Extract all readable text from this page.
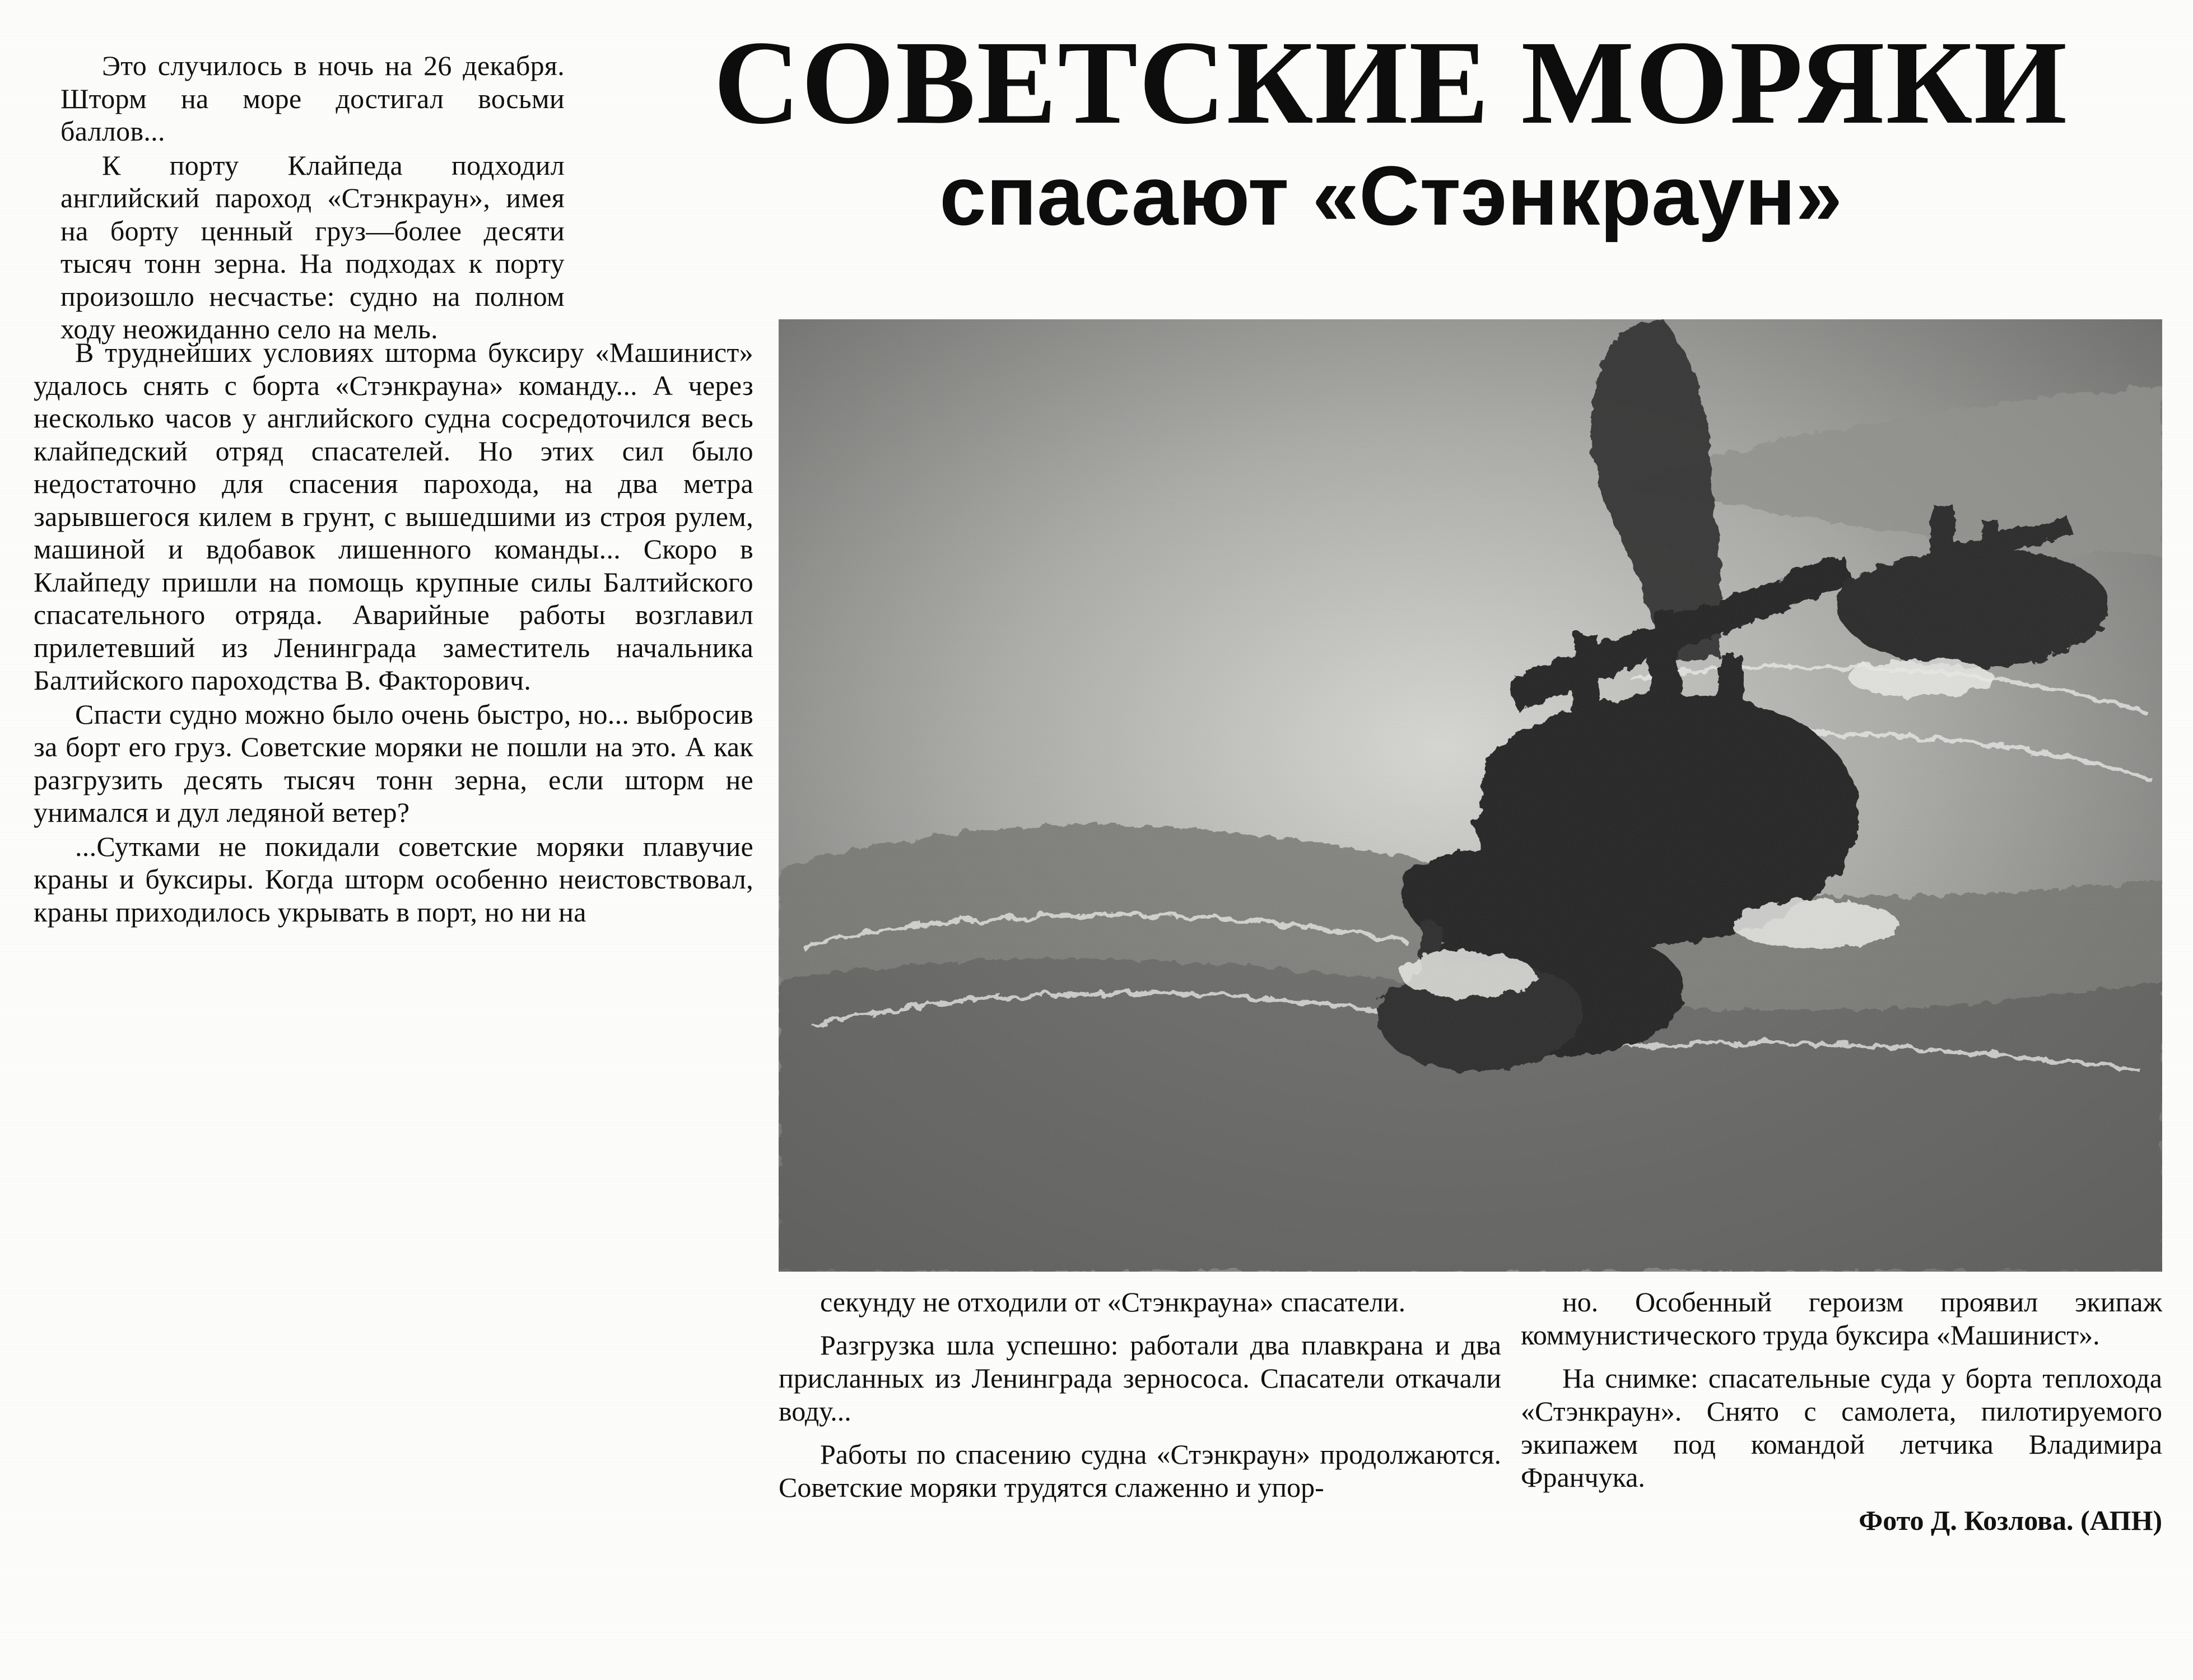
СОВЕТСКИЕ МОРЯКИ
спасают «Стэнкраун»

Это случилось в ночь на 26 декабря. Шторм на море достигал восьми баллов...

К порту Клайпеда подходил английский пароход «Стэнкраун», имея на борту ценный груз—более десяти тысяч тонн зерна. На подходах к порту произошло несчастье: судно на полном ходу неожиданно село на мель.

В труднейших условиях шторма буксиру «Машинист» удалось снять с борта «Стэнкрауна» команду... А через несколько часов у английского судна сосредоточился весь клайпедский отряд спасателей. Но этих сил было недостаточно для спасения парохода, на два метра зарывшегося килем в грунт, с вышедшими из строя рулем, машиной и вдобавок лишенного команды... Скоро в Клайпеду пришли на помощь крупные силы Балтийского спасательного отряда. Аварийные работы возглавил прилетевший из Ленинграда заместитель начальника Балтийского пароходства В. Факторович.

Спасти судно можно было очень быстро, но... выбросив за борт его груз. Советские моряки не пошли на это. А как разгрузить десять тысяч тонн зерна, если шторм не унимался и дул ледяной ветер?

...Сутками не покидали советские моряки плавучие краны и буксиры. Когда шторм особенно неистовствовал, краны приходилось укрывать в порт, но ни на

секунду не отходили от «Стэнкрауна» спасатели.

Разгрузка шла успешно: работали два плавкрана и два присланных из Ленинграда зернососа. Спасатели откачали воду...

Работы по спасению судна «Стэнкраун» продолжаются. Советские моряки трудятся слаженно и упор-

но. Особенный героизм проявил экипаж коммунистического труда буксира «Машинист».

На снимке: спасательные суда у борта теплохода «Стэнкраун». Снято с самолета, пилотируемого экипажем под командой летчика Владимира Франчука.

Фото Д. Козлова. (АПН)
